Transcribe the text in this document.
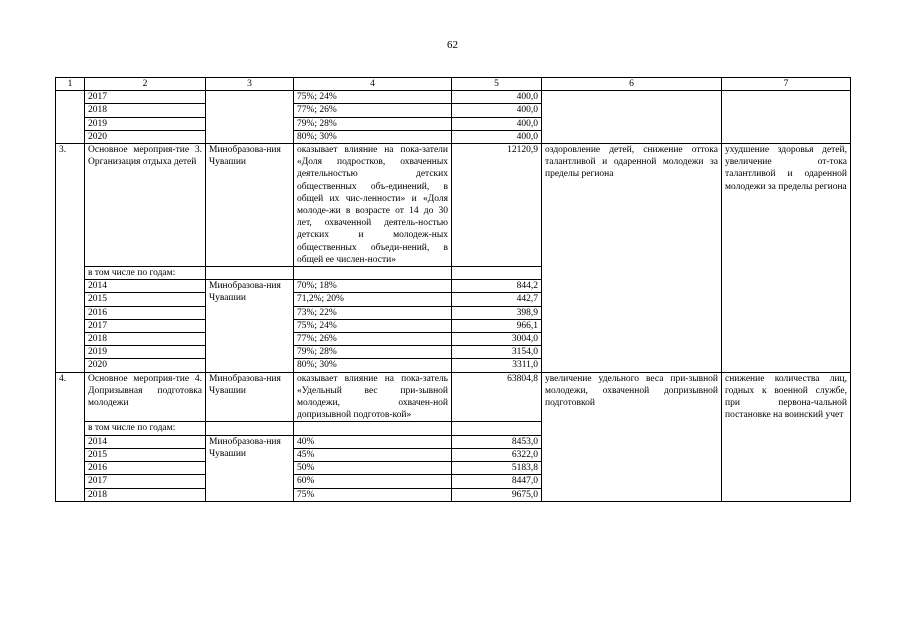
62
1	2	3	4	5	6	7
	2017		75%; 24%	400,0		
	2018		77%; 26%	400,0		
	2019		79%; 28%	400,0		
	2020		80%; 30%	400,0		
3.	Основное мероприя-тие 3. Организация отдыха детей	Минобразова-ния Чувашии	оказывает влияние на пока-затели «Доля подростков, охваченных деятельностью детских общественных объ-единений, в общей их чис-ленности» и «Доля молоде-жи в возрасте от 14 до 30 лет, охваченной деятель-ностью детских и молодеж-ных общественных объеди-нений, в общей ее числен-ности»	12120,9	оздоровление детей, снижение оттока талантливой и одаренной молодежи за пределы региона	ухудшение здоровья детей, увеличение от-тока талантливой и одаренной молодежи за пределы региона
	в том числе по годам:					
	2014	Минобразова-ния Чувашии	70%; 18%	844,2		
	2015		71,2%; 20%	442,7		
	2016		73%; 22%	398,9		
	2017		75%; 24%	966,1		
	2018		77%; 26%	3004,0		
	2019		79%; 28%	3154,0		
	2020		80%; 30%	3311,0		
4.	Основное мероприя-тие 4. Допризывная подготовка молодежи	Минобразова-ния Чувашии	оказывает влияние на пока-затель «Удельный вес при-зывной молодежи, охвачен-ной допризывной подготов-кой»	63804,8	увеличение удельного веса при-зывной молодежи, охваченной допризывной подготовкой	снижение количества лиц, годных к военной службе, при первона-чальной постановке на воинский учет
	в том числе по годам:					
	2014	Минобразова-ния Чувашии	40%	8453,0		
	2015		45%	6322,0		
	2016		50%	5183,8		
	2017		60%	8447,0		
	2018		75%	9675,0		
